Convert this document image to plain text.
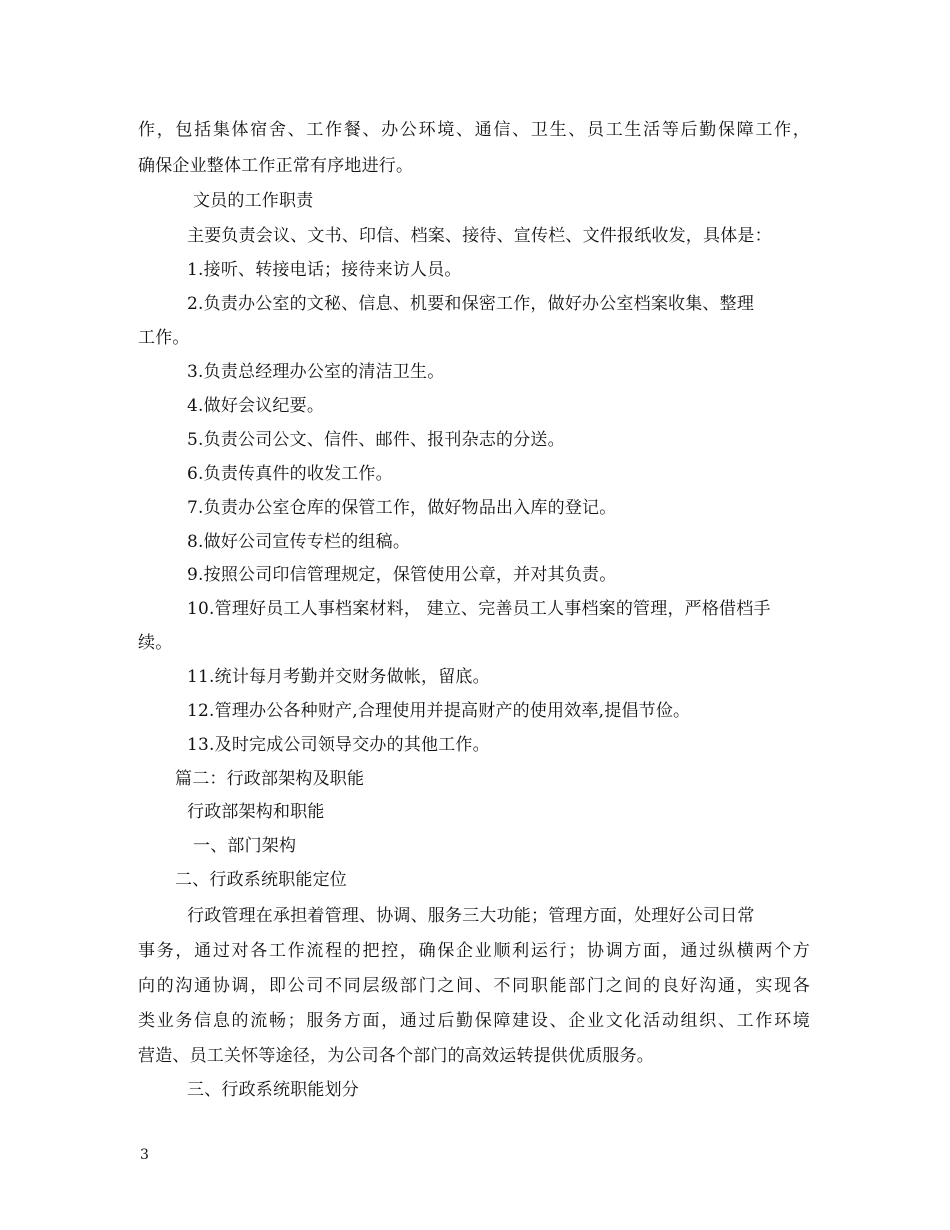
作，包括集体宿舍、工作餐、办公环境、通信、卫生、员工生活等后勤保障工作，
确保企业整体工作正常有序地进行。
文员的工作职责
主要负责会议、文书、印信、档案、接待、宣传栏、文件报纸收发，具体是：
1.接听、转接电话；接待来访人员。
2.负责办公室的文秘、信息、机要和保密工作，做好办公室档案收集、整理
工作。
3.负责总经理办公室的清洁卫生。
4.做好会议纪要。
5.负责公司公文、信件、邮件、报刊杂志的分送。
6.负责传真件的收发工作。
7.负责办公室仓库的保管工作，做好物品出入库的登记。
8.做好公司宣传专栏的组稿。
9.按照公司印信管理规定，保管使用公章，并对其负责。
10.管理好员工人事档案材料， 建立、完善员工人事档案的管理，严格借档手
续。
11.统计每月考勤并交财务做帐，留底。
12.管理办公各种财产,合理使用并提高财产的使用效率,提倡节俭。
13.及时完成公司领导交办的其他工作。
篇二：行政部架构及职能
行政部架构和职能
一、部门架构
二、行政系统职能定位
行政管理在承担着管理、协调、服务三大功能；管理方面，处理好公司日常
事务，通过对各工作流程的把控，确保企业顺利运行；协调方面，通过纵横两个方
向的沟通协调，即公司不同层级部门之间、不同职能部门之间的良好沟通，实现各
类业务信息的流畅；服务方面，通过后勤保障建设、企业文化活动组织、工作环境
营造、员工关怀等途径，为公司各个部门的高效运转提供优质服务。
三、行政系统职能划分
3
